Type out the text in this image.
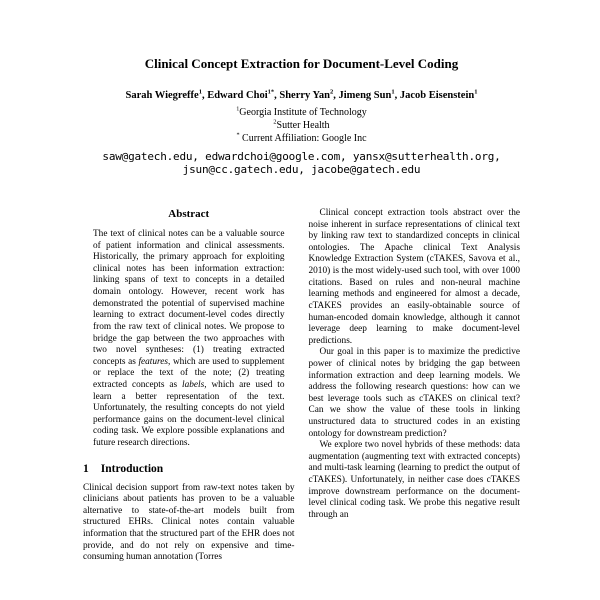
Clinical Concept Extraction for Document-Level Coding
Sarah Wiegreffe$^1$, Edward Choi$^{1*}$, Sherry Yan$^2$, Jimeng Sun$^1$, Jacob Eisenstein$^1$
$^1$Georgia Institute of Technology
$^2$Sutter Health
* Current Affiliation: Google Inc
saw@gatech.edu, edwardchoi@google.com, yansx@sutterhealth.org,
jsun@cc.gatech.edu, jacobe@gatech.edu
Abstract

The text of clinical notes can be a valuable source of patient information and clinical assessments. Historically, the primary approach for exploiting clinical notes has been information extraction: linking spans of text to concepts in a detailed domain ontology. However, recent work has demonstrated the potential of supervised machine learning to extract document-level codes directly from the raw text of clinical notes. We propose to bridge the gap between the two approaches with two novel syntheses: (1) treating extracted concepts as features, which are used to supplement or replace the text of the note; (2) treating extracted concepts as labels, which are used to learn a better representation of the text. Unfortunately, the resulting concepts do not yield performance gains on the document-level clinical coding task. We explore possible explanations and future research directions.

1 Introduction

Clinical decision support from raw-text notes taken by clinicians about patients has proven to be a valuable alternative to state-of-the-art models built from structured EHRs. Clinical notes contain valuable information that the structured part of the EHR does not provide, and do not rely on expensive and time-consuming human annotation (Torres

Clinical concept extraction tools abstract over the noise inherent in surface representations of clinical text by linking raw text to standardized concepts in clinical ontologies. The Apache clinical Text Analysis Knowledge Extraction System (cTAKES, Savova et al., 2010) is the most widely-used such tool, with over 1000 citations. Based on rules and non-neural machine learning methods and engineered for almost a decade, cTAKES provides an easily-obtainable source of human-encoded domain knowledge, although it cannot leverage deep learning to make document-level predictions.

Our goal in this paper is to maximize the predictive power of clinical notes by bridging the gap between information extraction and deep learning models. We address the following research questions: how can we best leverage tools such as cTAKES on clinical text? Can we show the value of these tools in linking unstructured data to structured codes in an existing ontology for downstream prediction?

We explore two novel hybrids of these methods: data augmentation (augmenting text with extracted concepts) and multi-task learning (learning to predict the output of cTAKES). Unfortunately, in neither case does cTAKES improve downstream performance on the document-level clinical coding task. We probe this negative result through an
